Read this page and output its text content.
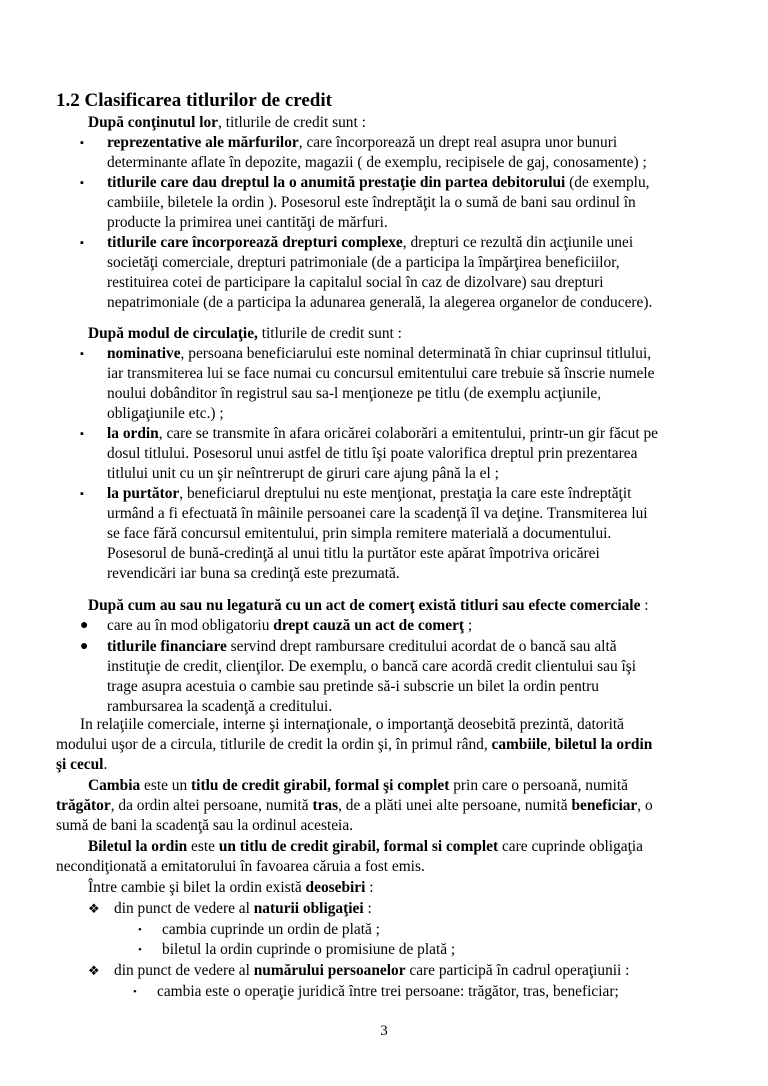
1.2 Clasificarea titlurilor de credit
După conţinutul lor, titlurile de credit sunt :
▪ reprezentative ale mărfurilor, care încorporează un drept real asupra unor bunuri
determinante aflate în depozite, magazii ( de exemplu, recipisele de gaj, conosamente) ;
▪ titlurile care dau dreptul la o anumită prestaţie din partea debitorului (de exemplu,
cambiile, biletele la ordin ). Posesorul este îndreptăţit la o sumă de bani sau ordinul în
producte la primirea unei cantităţi de mărfuri.
▪ titlurile care încorporează drepturi complexe, drepturi ce rezultă din acţiunile unei
societăţi comerciale, drepturi patrimoniale (de a participa la împărţirea beneficiilor,
restituirea cotei de participare la capitalul social în caz de dizolvare) sau drepturi
nepatrimoniale (de a participa la adunarea generală, la alegerea organelor de conducere).
După modul de circulaţie, titlurile de credit sunt :
▪ nominative, persoana beneficiarului este nominal determinată în chiar cuprinsul titlului,
iar transmiterea lui se face numai cu concursul emitentului care trebuie să înscrie numele
noului dobânditor în registrul sau sa-l menţioneze pe titlu (de exemplu acţiunile,
obligaţiunile etc.) ;
▪ la ordin, care se transmite în afara oricărei colaborări a emitentului, printr-un gir făcut pe
dosul titlului. Posesorul unui astfel de titlu îşi poate valorifica dreptul prin prezentarea
titlului unit cu un şir neîntrerupt de giruri care ajung până la el ;
▪ la purtător, beneficiarul dreptului nu este menţionat, prestaţia la care este îndreptăţit
urmând a fi efectuată în mâinile persoanei care la scadenţă îl va deţine. Transmiterea lui
se face fără concursul emitentului, prin simpla remitere materială a documentului.
Posesorul de bună-credinţă al unui titlu la purtător este apărat împotriva oricărei
revendicări iar buna sa credinţă este prezumată.
După cum au sau nu legatură cu un act de comerţ există titluri sau efecte comerciale :
● care au în mod obligatoriu drept cauză un act de comerţ ;
● titlurile financiare servind drept rambursare creditului acordat de o bancă sau altă
instituţie de credit, clienţilor. De exemplu, o bancă care acordă credit clientului sau îşi
trage asupra acestuia o cambie sau pretinde să-i subscrie un bilet la ordin pentru
rambursarea la scadenţă a creditului.
In relaţiile comerciale, interne şi internaţionale, o importanţă deosebită prezintă, datorită
modului uşor de a circula, titlurile de credit la ordin şi, în primul rând, cambiile, biletul la ordin
şi cecul.
Cambia este un titlu de credit girabil, formal şi complet prin care o persoană, numită
trăgător, da ordin altei persoane, numită tras, de a plăti unei alte persoane, numită beneficiar, o
sumă de bani la scadenţă sau la ordinul acesteia.
Biletul la ordin este un titlu de credit girabil, formal si complet care cuprinde obligaţia
necondiţionată a emitatorului în favoarea căruia a fost emis.
Între cambie şi bilet la ordin există deosebiri :
❖ din punct de vedere al naturii obligaţiei :
• cambia cuprinde un ordin de plată ;
• biletul la ordin cuprinde o promisiune de plată ;
❖ din punct de vedere al numărului persoanelor care participă în cadrul operaţiunii :
• cambia este o operaţie juridică între trei persoane: trăgător, tras, beneficiar;
3
